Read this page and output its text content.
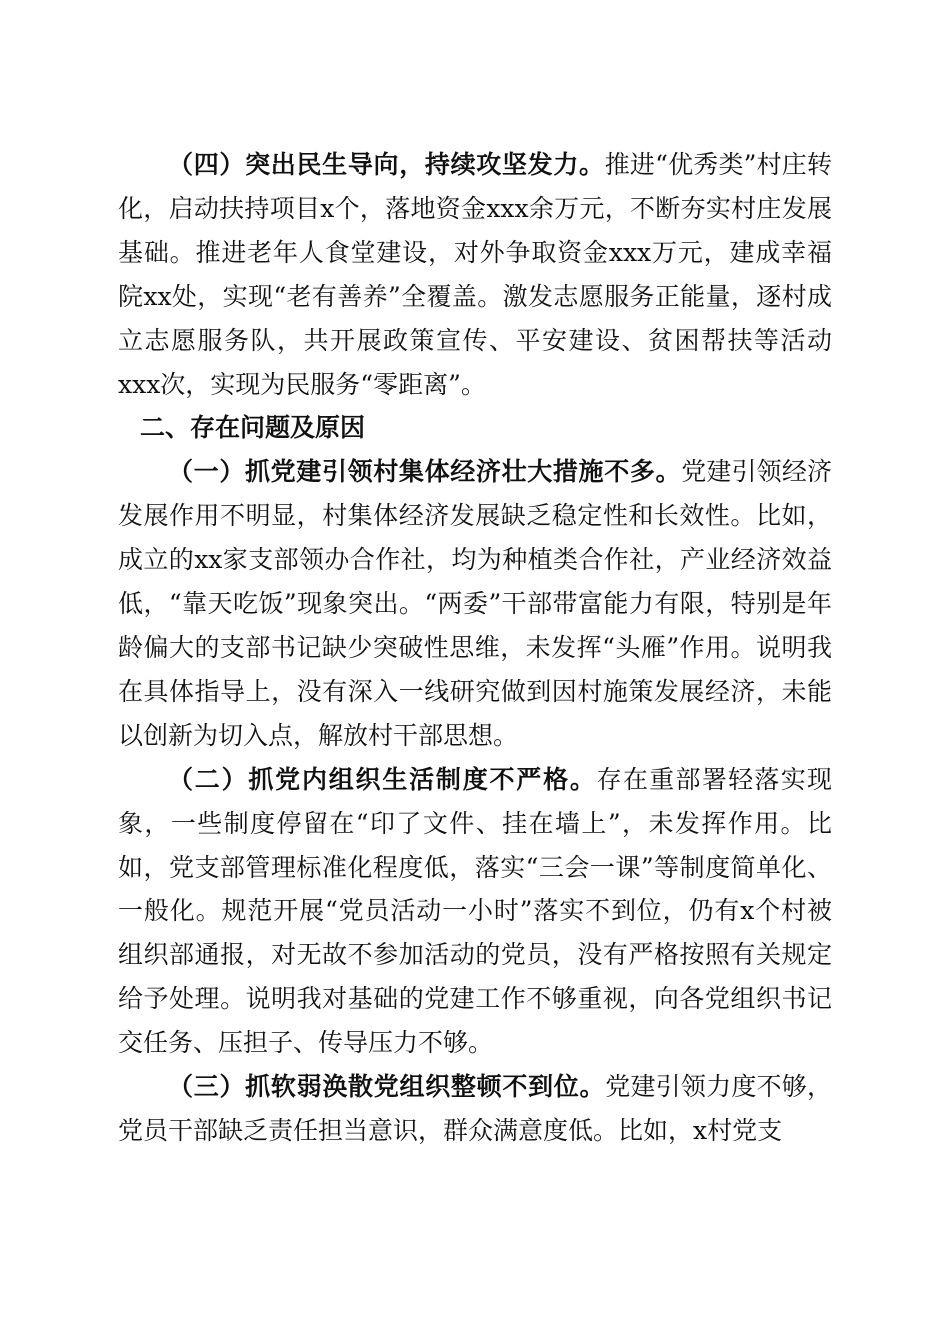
（四）突出民生导向，持续攻坚发力。推进“优秀类”村庄转化，启动扶持项目x个，落地资金xxx余万元，不断夯实村庄发展基础。推进老年人食堂建设，对外争取资金xxx万元，建成幸福院xx处，实现“老有善养”全覆盖。激发志愿服务正能量，逐村成立志愿服务队，共开展政策宣传、平安建设、贫困帮扶等活动xxx次，实现为民服务“零距离”。

二、存在问题及原因

（一）抓党建引领村集体经济壮大措施不多。党建引领经济发展作用不明显，村集体经济发展缺乏稳定性和长效性。比如，成立的xx家支部领办合作社，均为种植类合作社，产业经济效益低，“靠天吃饭”现象突出。“两委”干部带富能力有限，特别是年龄偏大的支部书记缺少突破性思维，未发挥“头雁”作用。说明我在具体指导上，没有深入一线研究做到因村施策发展经济，未能以创新为切入点，解放村干部思想。

（二）抓党内组织生活制度不严格。存在重部署轻落实现象，一些制度停留在“印了文件、挂在墙上”，未发挥作用。比如，党支部管理标准化程度低，落实“三会一课”等制度简单化、一般化。规范开展“党员活动一小时”落实不到位，仍有x个村被组织部通报，对无故不参加活动的党员，没有严格按照有关规定给予处理。说明我对基础的党建工作不够重视，向各党组织书记交任务、压担子、传导压力不够。

（三）抓软弱涣散党组织整顿不到位。党建引领力度不够，党员干部缺乏责任担当意识，群众满意度低。比如，x村党支
